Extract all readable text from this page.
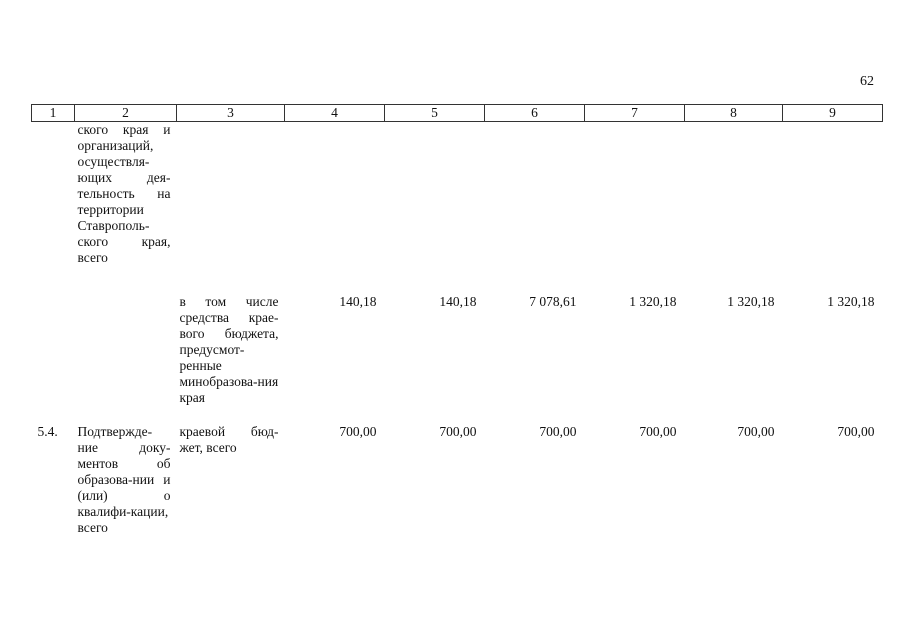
62
1	2	3	4	5	6	7	8	9
	ского края и организаций, осуществля-ющих дея-тельность на территории Ставрополь-ского края, всего							
		в том числе средства крае-вого бюджета, предусмот-ренные минобразова-ния края	140,18	140,18	7 078,61	1 320,18	1 320,18	1 320,18
5.4.	Подтвержде-ние доку-ментов об образова-нии и (или) о квалифи-кации, всего	краевой бюд-жет, всего	700,00	700,00	700,00	700,00	700,00	700,00
